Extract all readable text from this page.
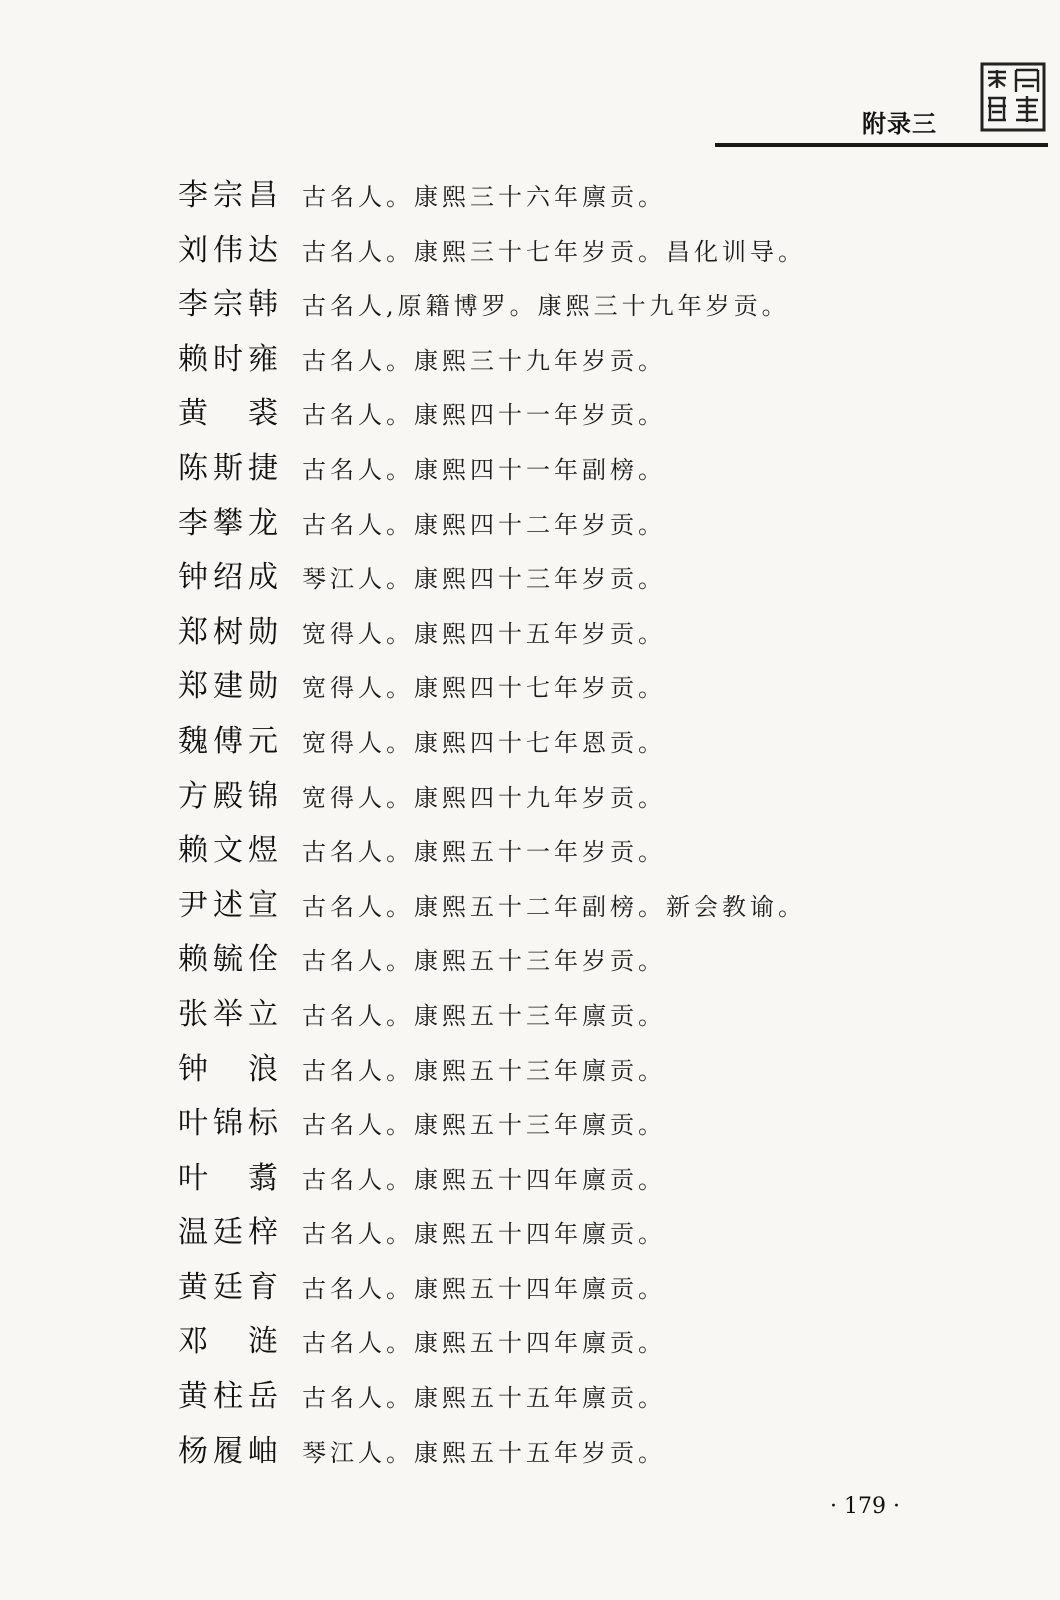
附录三
李宗昌 古名人。康熙三十六年廪贡。
刘伟达 古名人。康熙三十七年岁贡。昌化训导。
李宗韩 古名人,原籍博罗。康熙三十九年岁贡。
赖时雍 古名人。康熙三十九年岁贡。
黄　裘 古名人。康熙四十一年岁贡。
陈斯捷 古名人。康熙四十一年副榜。
李攀龙 古名人。康熙四十二年岁贡。
钟绍成 琴江人。康熙四十三年岁贡。
郑树勋 宽得人。康熙四十五年岁贡。
郑建勋 宽得人。康熙四十七年岁贡。
魏傅元 宽得人。康熙四十七年恩贡。
方殿锦 宽得人。康熙四十九年岁贡。
赖文煜 古名人。康熙五十一年岁贡。
尹述宣 古名人。康熙五十二年副榜。新会教谕。
赖毓佺 古名人。康熙五十三年岁贡。
张举立 古名人。康熙五十三年廪贡。
钟　浪 古名人。康熙五十三年廪贡。
叶锦标 古名人。康熙五十三年廪贡。
叶　翥 古名人。康熙五十四年廪贡。
温廷梓 古名人。康熙五十四年廪贡。
黄廷育 古名人。康熙五十四年廪贡。
邓　涟 古名人。康熙五十四年廪贡。
黄柱岳 古名人。康熙五十五年廪贡。
杨履岫 琴江人。康熙五十五年岁贡。
· 179 ·
